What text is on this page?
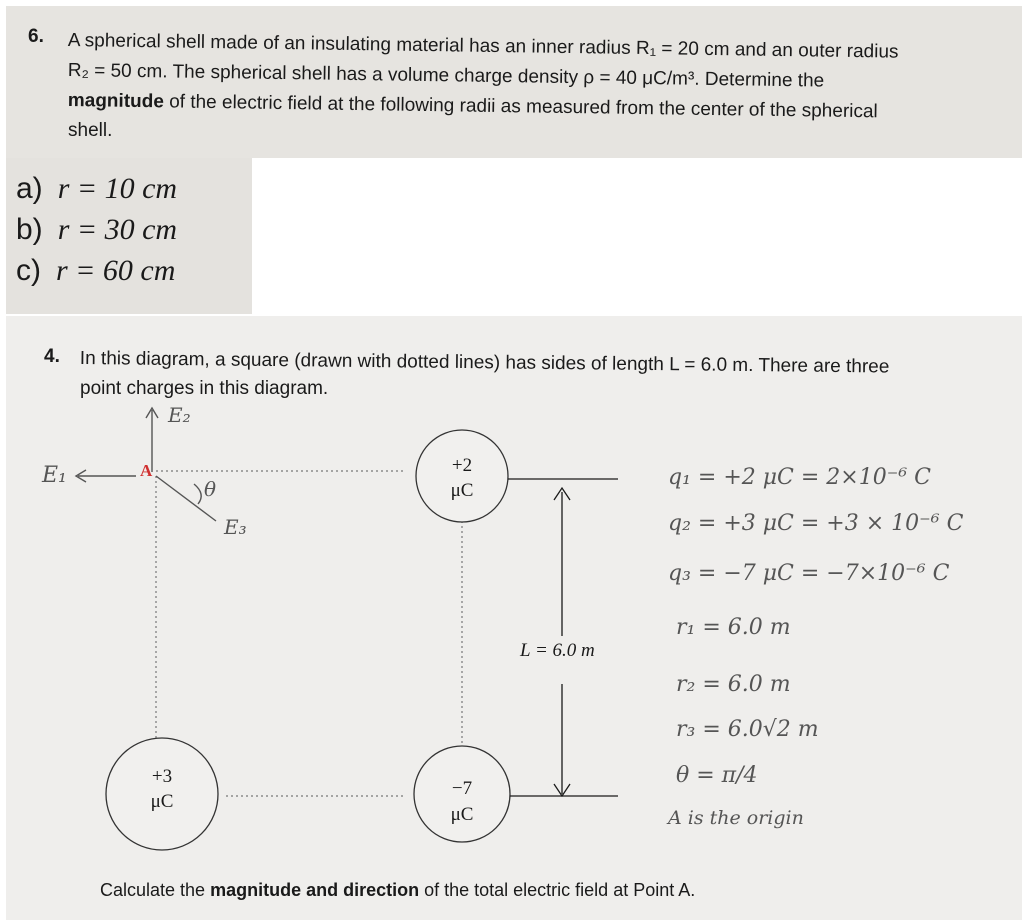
6. A spherical shell made of an insulating material has an inner radius R₁ = 20 cm and an outer radius
R₂ = 50 cm. The spherical shell has a volume charge density ρ = 40 μC/m³. Determine the
magnitude of the electric field at the following radii as measured from the center of the spherical
shell.
a) r = 10 cm
b) r = 30 cm
c) r = 60 cm
4. In this diagram, a square (drawn with dotted lines) has sides of length L = 6.0 m. There are three
point charges in this diagram.
+2
μC
+3
μC
−7
μC
L = 6.0 m
A
E₂
E₁
E₃
θ	q₁ = +2 μC = 2×10⁻⁶ C
q₂ = +3 μC = +3 × 10⁻⁶ C
q₃ = −7 μC = −7×10⁻⁶ C
r₁ = 6.0 m
r₂ = 6.0 m
r₃ = 6.0√2 m
θ = π/4
A is the origin
Calculate the magnitude and direction of the total electric field at Point A.
